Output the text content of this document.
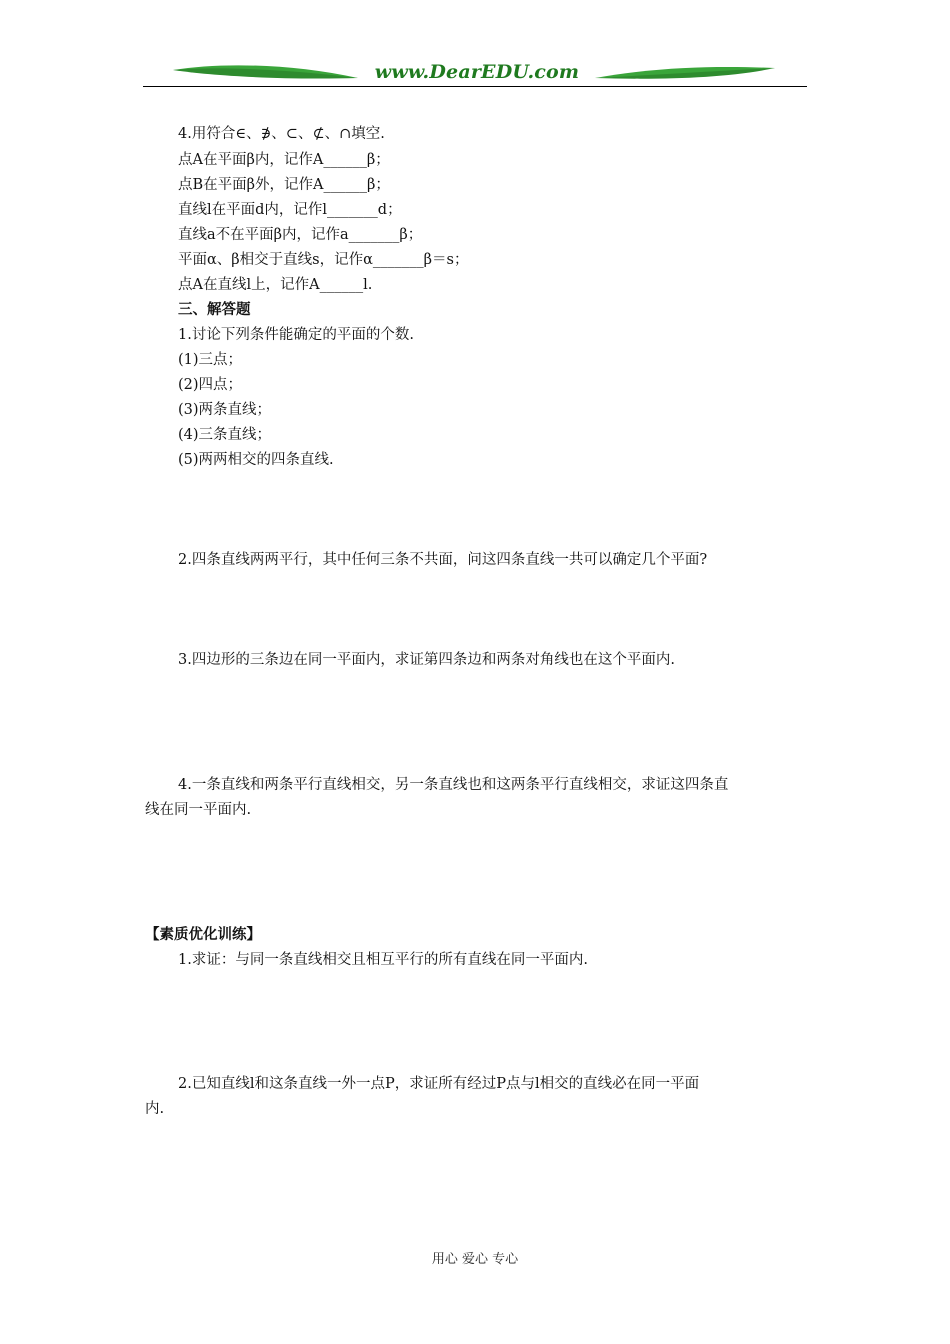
www.DearEDU.com
4.用符合∈、∌、⊂、⊄、∩填空.
点A在平面β内，记作A______β；
点B在平面β外，记作A______β；
直线l在平面d内，记作l_______d；
直线a不在平面β内，记作a_______β；
平面α、β相交于直线s，记作α_______β＝s；
点A在直线l上，记作A______l.
三、解答题
1.讨论下列条件能确定的平面的个数.
(1)三点；
(2)四点；
(3)两条直线；
(4)三条直线；
(5)两两相交的四条直线.
2.四条直线两两平行，其中任何三条不共面，问这四条直线一共可以确定几个平面?
3.四边形的三条边在同一平面内，求证第四条边和两条对角线也在这个平面内.
4.一条直线和两条平行直线相交，另一条直线也和这两条平行直线相交，求证这四条直
线在同一平面内.
【素质优化训练】
1.求证：与同一条直线相交且相互平行的所有直线在同一平面内.
2.已知直线l和这条直线一外一点P，求证所有经过P点与l相交的直线必在同一平面
内.
用心 爱心 专心
